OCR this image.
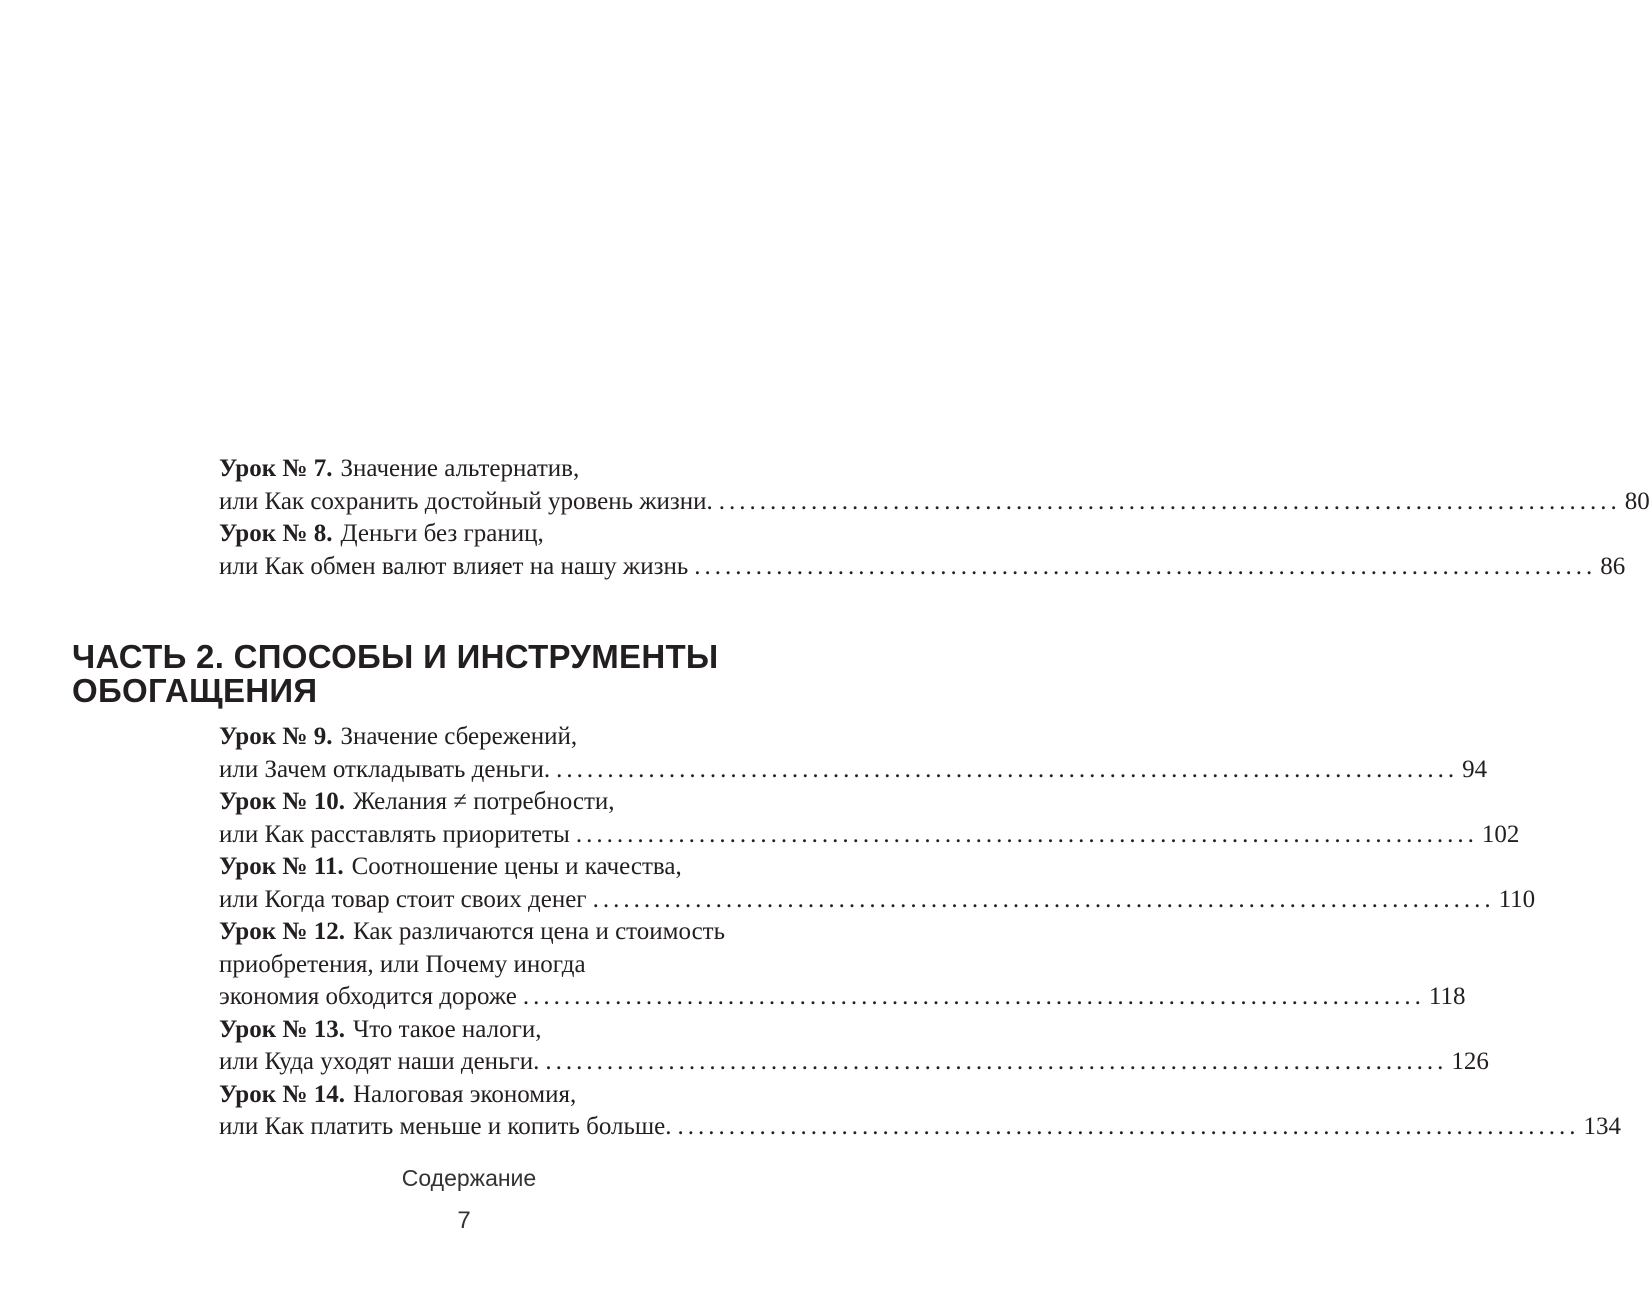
Урок № 7. Значение альтернатив,
или Как сохранить достойный уровень жизни. ........................................................................................ 80
Урок № 8. Деньги без границ,
или Как обмен валют влияет на нашу жизнь ........................................................................................ 86
ЧАСТЬ 2. СПОСОБЫ И ИНСТРУМЕНТЫ
ОБОГАЩЕНИЯ
Урок № 9. Значение сбережений,
или Зачем откладывать деньги. ........................................................................................ 94
Урок № 10. Желания ≠ потребности,
или Как расставлять приоритеты ........................................................................................ 102
Урок № 11. Соотношение цены и качества,
или Когда товар стоит своих денег ........................................................................................ 110
Урок № 12. Как различаются цена и стоимость
приобретения, или Почему иногда
экономия обходится дороже ........................................................................................ 118
Урок № 13. Что такое налоги,
или Куда уходят наши деньги. ........................................................................................ 126
Урок № 14. Налоговая экономия,
или Как платить меньше и копить больше. ........................................................................................ 134
Содержание
7
